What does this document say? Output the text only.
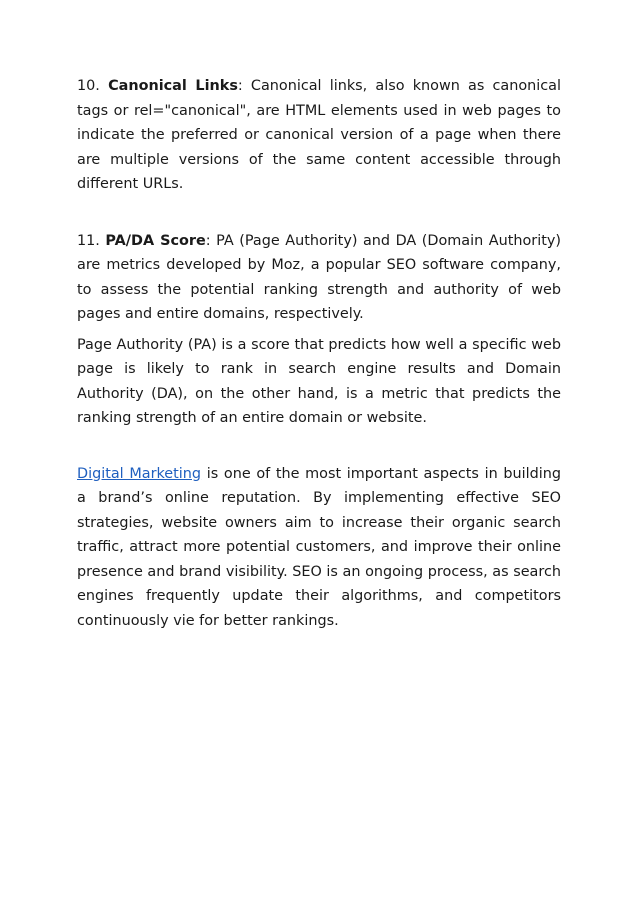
10. Canonical Links: Canonical links, also known as canonical tags or rel="canonical", are HTML elements used in web pages to indicate the preferred or canonical version of a page when there are multiple versions of the same content accessible through different URLs.

11. PA/DA Score: PA (Page Authority) and DA (Domain Authority) are metrics developed by Moz, a popular SEO software company, to assess the potential ranking strength and authority of web pages and entire domains, respectively.

Page Authority (PA) is a score that predicts how well a specific web page is likely to rank in search engine results and Domain Authority (DA), on the other hand, is a metric that predicts the ranking strength of an entire domain or website.

Digital Marketing is one of the most important aspects in building a brand’s online reputation. By implementing effective SEO strategies, website owners aim to increase their organic search traffic, attract more potential customers, and improve their online presence and brand visibility. SEO is an ongoing process, as search engines frequently update their algorithms, and competitors continuously vie for better rankings.
